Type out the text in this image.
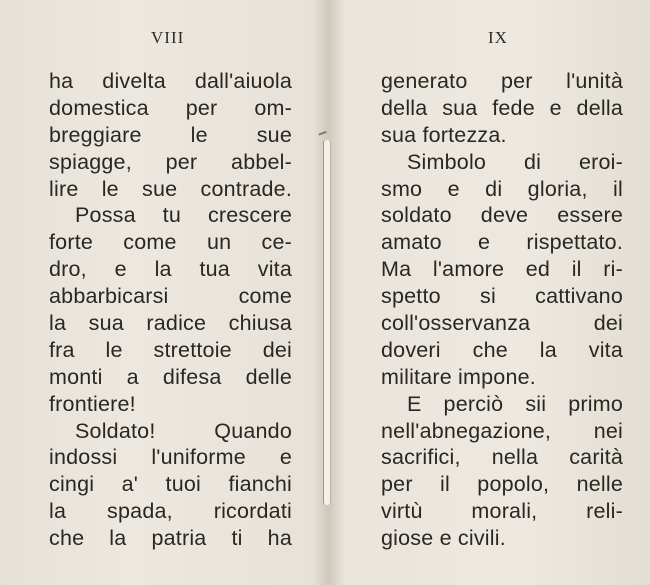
VIII
ha divelta dall'aiuola
domestica per om-
breggiare le sue
spiagge, per abbel-
lire le sue contrade.
Possa tu crescere
forte come un ce-
dro, e la tua vita
abbarbicarsi come
la sua radice chiusa
fra le strettoie dei
monti a difesa delle
frontiere!
Soldato! Quando
indossi l'uniforme e
cingi a' tuoi fianchi
la spada, ricordati
che la patria ti ha
IX
generato per l'unità
della sua fede e della
sua fortezza.
Simbolo di eroi-
smo e di gloria, il
soldato deve essere
amato e rispettato.
Ma l'amore ed il ri-
spetto si cattivano
coll'osservanza dei
doveri che la vita
militare impone.
E perciò sii primo
nell'abnegazione, nei
sacrifici, nella carità
per il popolo, nelle
virtù morali, reli-
giose e civili.
